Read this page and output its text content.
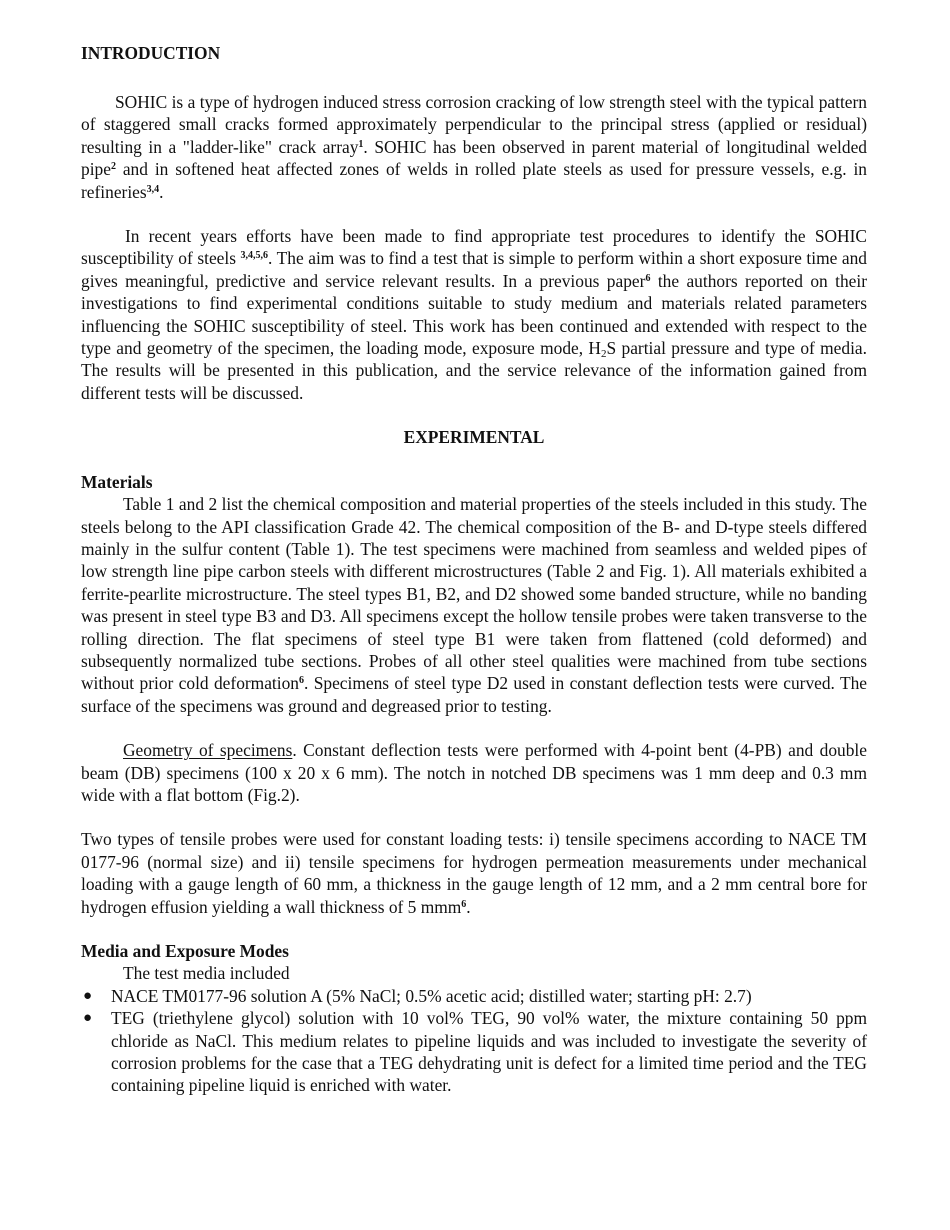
INTRODUCTION

SOHIC is a type of hydrogen induced stress corrosion cracking of low strength steel with the typical pattern of staggered small cracks formed approximately perpendicular to the principal stress (applied or residual) resulting in a "ladder-like" crack array$^1$. SOHIC has been observed in parent material of longitudinal welded pipe$^2$ and in softened heat affected zones of welds in rolled plate steels as used for pressure vessels, e.g. in refineries$^{3,4}$.

In recent years efforts have been made to find appropriate test procedures to identify the SOHIC susceptibility of steels $^{3,4,5,6}$. The aim was to find a test that is simple to perform within a short exposure time and gives meaningful, predictive and service relevant results. In a previous paper$^6$ the authors reported on their investigations to find experimental conditions suitable to study medium and materials related parameters influencing the SOHIC susceptibility of steel. This work has been continued and extended with respect to the type and geometry of the specimen, the loading mode, exposure mode, $H_2S$ partial pressure and type of media. The results will be presented in this publication, and the service relevance of the information gained from different tests will be discussed.

EXPERIMENTAL
Materials

Table 1 and 2 list the chemical composition and material properties of the steels included in this study. The steels belong to the API classification Grade 42. The chemical composition of the B- and D-type steels differed mainly in the sulfur content (Table 1). The test specimens were machined from seamless and welded pipes of low strength line pipe carbon steels with different microstructures (Table 2 and Fig. 1). All materials exhibited a ferrite-pearlite microstructure. The steel types B1, B2, and D2 showed some banded structure, while no banding was present in steel type B3 and D3. All specimens except the hollow tensile probes were taken transverse to the rolling direction. The flat specimens of steel type B1 were taken from flattened (cold deformed) and subsequently normalized tube sections. Probes of all other steel qualities were machined from tube sections without prior cold deformation$^6$. Specimens of steel type D2 used in constant deflection tests were curved. The surface of the specimens was ground and degreased prior to testing.

Geometry of specimens. Constant deflection tests were performed with 4-point bent (4-PB) and double beam (DB) specimens (100 x 20 x 6 mm). The notch in notched DB specimens was 1 mm deep and 0.3 mm wide with a flat bottom (Fig.2).

Two types of tensile probes were used for constant loading tests: i) tensile specimens according to NACE TM 0177-96 (normal size) and ii) tensile specimens for hydrogen permeation measurements under mechanical loading with a gauge length of 60 mm, a thickness in the gauge length of 12 mm, and a 2 mm central bore for hydrogen effusion yielding a wall thickness of 5 mmm$^6$.

Media and Exposure Modes

The test media included

● NACE TM0177-96 solution A (5% NaCl; 0.5% acetic acid; distilled water; starting pH: 2.7)
● TEG (triethylene glycol) solution with 10 vol% TEG, 90 vol% water, the mixture containing 50 ppm chloride as NaCl. This medium relates to pipeline liquids and was included to investigate the severity of corrosion problems for the case that a TEG dehydrating unit is defect for a limited time period and the TEG containing pipeline liquid is enriched with water.
